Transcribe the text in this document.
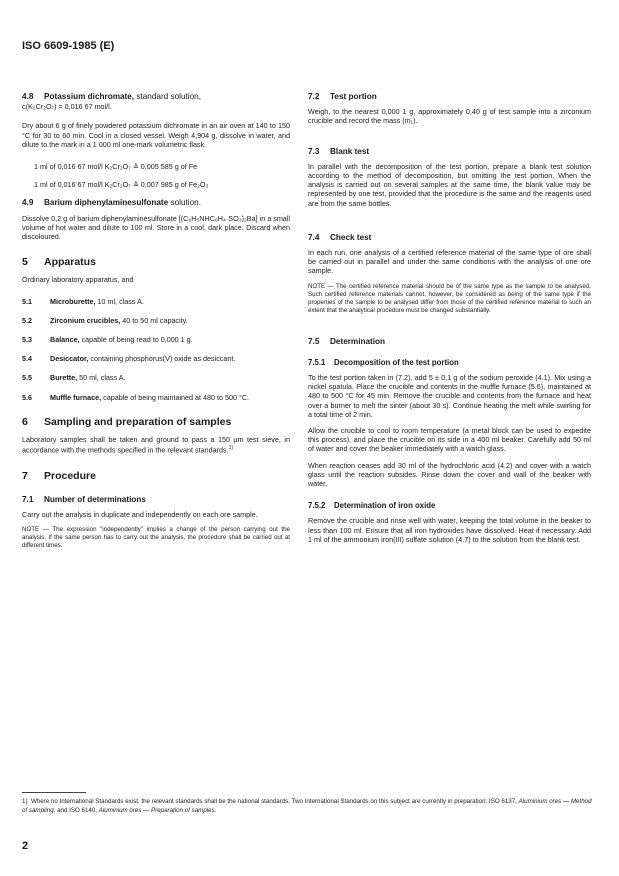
ISO 6609-1985 (E)
4.8 Potassium dichromate, standard solution,
c(K₂Cr₂O₇) = 0,016 67 mol/l.

Dry about 6 g of finely powdered potassium dichromate in an air oven at 140 to 150 °C for 30 to 60 min. Cool in a closed vessel. Weigh 4,904 g, dissolve in water, and dilute to the mark in a 1 000 ml one-mark volumetric flask.

1 ml of 0,016 67 mol/l K₂Cr₂O₇ ≙ 0,005 585 g of Fe
1 ml of 0,016 67 mol/l K₂Cr₂O₇ ≙ 0,007 985 g of Fe₂O₃
4.9 Barium diphenylaminesulfonate solution.

Dissolve 0,2 g of barium diphenylaminesulfonate [(C₆H₅NHC₆H₄·SO₃)₂Ba] in a small volume of hot water and dilute to 100 ml. Store in a cool, dark place. Discard when discoloured.

5 Apparatus

Ordinary laboratory apparatus, and

5.1	Microburette, 10 ml, class A.
5.2	Zirconium crucibles, 40 to 50 ml capacity.
5.3	Balance, capable of being read to 0,000 1 g.
5.4	Desiccator, containing phosphorus(V) oxide as desiccant.
5.5	Burette, 50 ml, class A.
5.6	Muffle furnace, capable of being maintained at 480 to 500 °C.
6 Sampling and preparation of samples

Laboratory samples shall be taken and ground to pass a 150 µm test sieve, in accordance with the methods specified in the relevant standards.$^{1)}$

7 Procedure
7.1 Number of determinations

Carry out the analysis in duplicate and independently on each ore sample.

NOTE — The expression "independently" implies a change of the person carrying out the analysis. If the same person has to carry out the analysis, the procedure shall be carried out at different times.
7.2 Test portion

Weigh, to the nearest 0,000 1 g, approximately 0,40 g of test sample into a zirconium crucible and record the mass (m₁).

7.3 Blank test

In parallel with the decomposition of the test portion, prepare a blank test solution according to the method of decomposition, but omitting the test portion. When the analysis is carried out on several samples at the same time, the blank value may be represented by one test, provided that the procedure is the same and the reagents used are from the same bottles.

7.4 Check test

In each run, one analysis of a certified reference material of the same type of ore shall be carried out in parallel and under the same conditions with the analysis of one ore sample.

NOTE — The certified reference material should be of the same type as the sample to be analysed. Such certified reference materials cannot, however, be considered as being of the same type if the properties of the sample to be analysed differ from those of the certified reference material to such an extent that the analytical procedure must be changed substantially.
7.5 Determination
7.5.1 Decomposition of the test portion

To the test portion taken in (7.2), add 5 ± 0,1 g of the sodium peroxide (4.1). Mix using a nickel spatula. Place the crucible and contents in the muffle furnace (5.6), maintained at 480 to 500 °C for 45 min. Remove the crucible and contents from the furnace and heat over a burner to melt the sinter (about 30 s). Continue heating the melt while swirling for a total time of 2 min.

Allow the crucible to cool to room temperature (a metal block can be used to expedite this process), and place the crucible on its side in a 400 ml beaker. Carefully add 50 ml of water and cover the beaker immediately with a watch glass.

When reaction ceases add 30 ml of the hydrochloric acid (4.2) and cover with a watch glass until the reaction subsides. Rinse down the cover and wall of the beaker with water.

7.5.2 Determination of iron oxide

Remove the crucible and rinse well with water, keeping the total volume in the beaker to less than 100 ml. Ensure that all iron hydroxides have dissolved. Heat if necessary. Add 1 ml of the ammonium iron(III) sulfate solution (4.7) to the solution from the blank test.

1) Where no International Standards exist, the relevant standards shall be the national standards. Two International Standards on this subject are currently in preparation: ISO 6137, Aluminium ores — Method of sampling, and ISO 6140, Aluminium ores — Preparation of samples.
2
